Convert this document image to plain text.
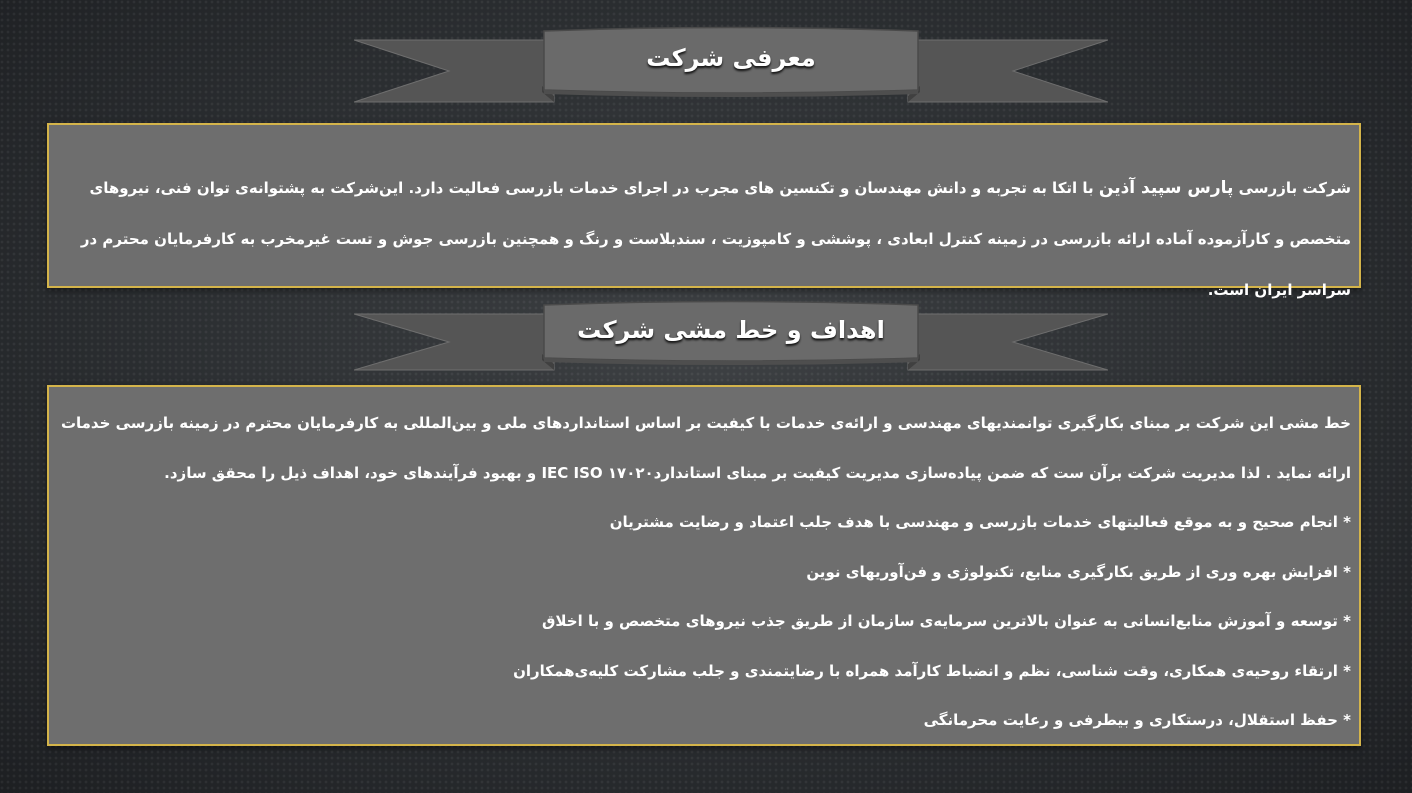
معرفی شرکت

شرکت بازرسی پارس سپید آذین با اتکا به تجربه و دانش مهندسان و تکنسین های مجرب در اجرای خدمات بازرسی فعالیت دارد. این‌شرکت به پشتوانه‌ی توان فنی، نیروهای متخصص و کارآزموده آماده ارائه بازرسی در زمینه کنترل ابعادی ، پوششی و کامپوزیت ، سندبلاست و رنگ و همچنین بازرسی جوش و تست غیرمخرب به کارفرمایان محترم در سراسر ایران است.

اهداف و خط مشی شرکت

خط مشی این شرکت بر مبنای بکارگیری توانمندیهای مهندسی و ارائه‌ی خدمات با کیفیت بر اساس استانداردهای ملی و بین‌المللی به کارفرمایان محترم در زمینه بازرسی خدمات ارائه نماید . لذا مدیریت شرکت برآن ست که ضمن پیاده‌سازی مدیریت کیفیت بر مبنای استاندارد۱۷۰۲۰ IEC ISO و بهبود فرآیندهای خود، اهداف ذیل را محقق سازد.

* انجام صحیح و به موقع فعالیتهای خدمات بازرسی و مهندسی با هدف جلب اعتماد و رضایت مشتریان

* افزایش بهره وری از طریق بکارگیری منابع، تکنولوژی و فن‌آوریهای نوین

* توسعه و آموزش منابع‌انسانی به عنوان بالاترین سرمایه‌ی سازمان از طریق جذب نیروهای متخصص و با اخلاق

* ارتقاء روحیه‌ی همکاری، وقت شناسی، نظم و انضباط کارآمد همراه با رضایتمندی و جلب مشارکت کلیه‌ی‌همکاران

* حفظ استقلال، درستکاری و بیطرفی و رعایت محرمانگی
